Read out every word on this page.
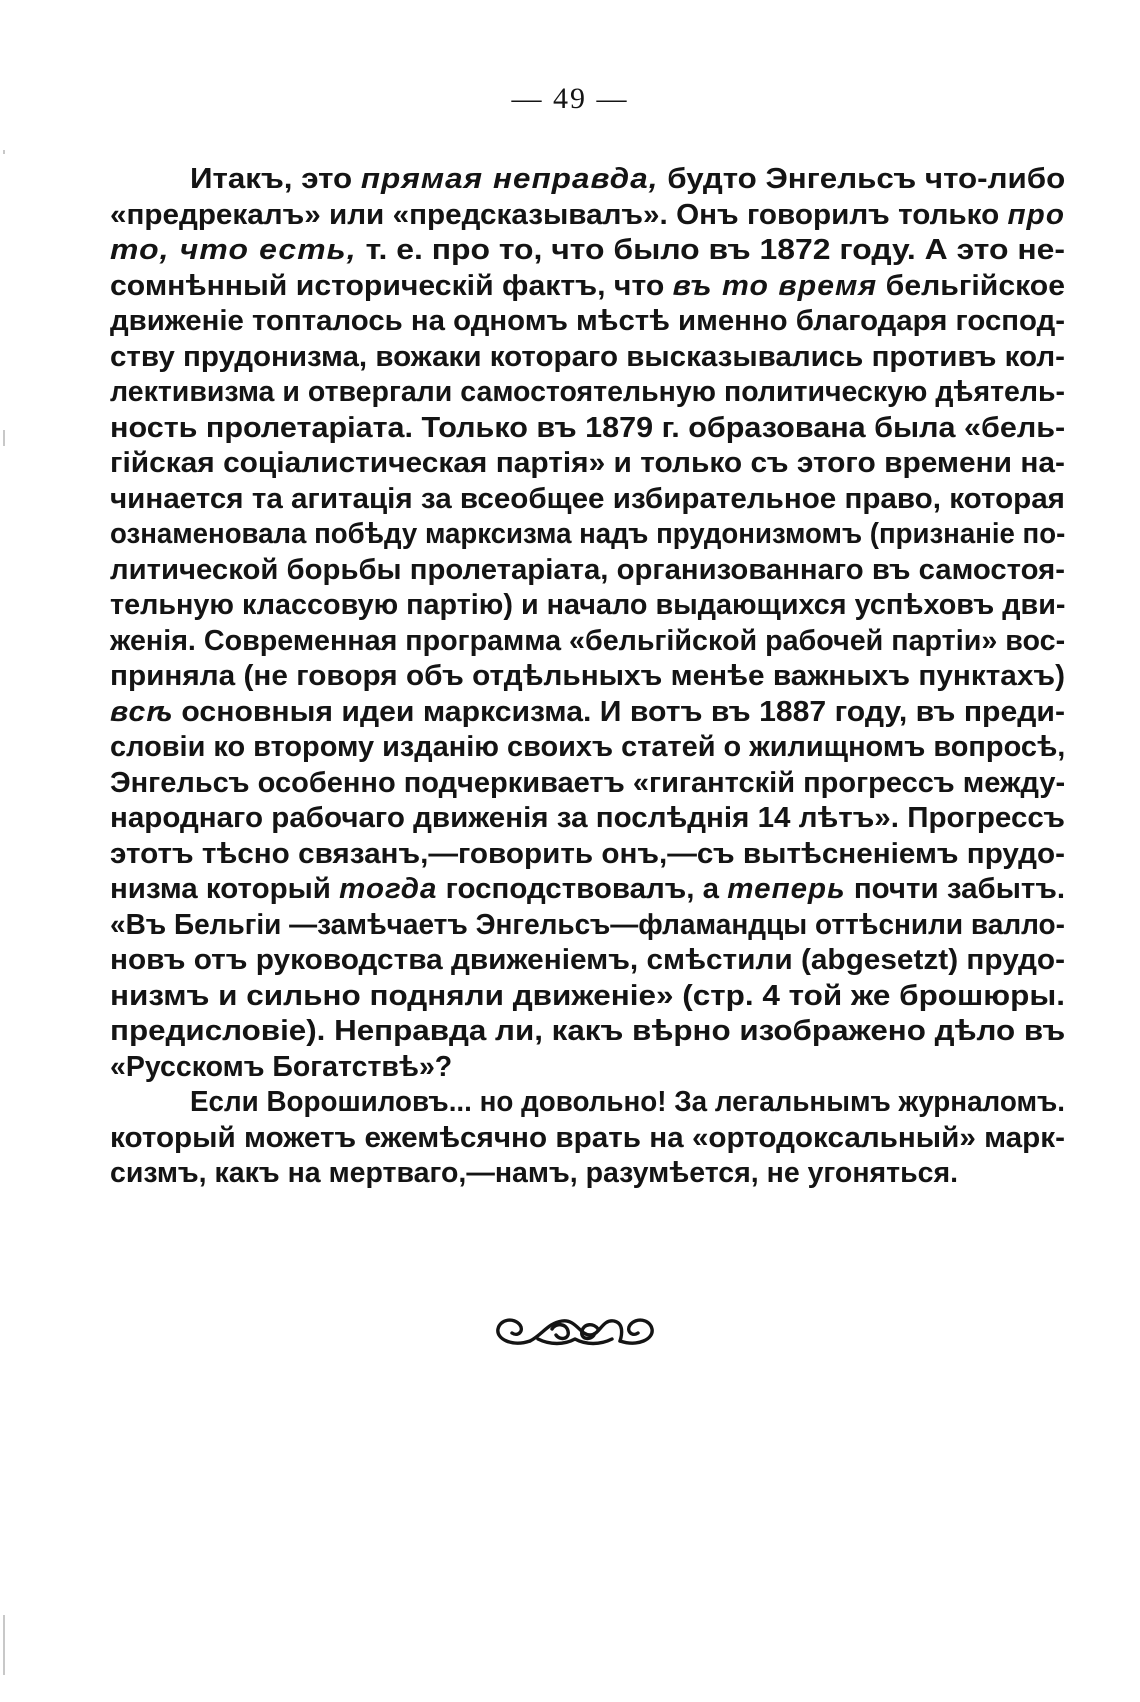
— 49 —
Итакъ, это прямая неправда, будто Энгельсъ что-либо
«предрекалъ» или «предсказывалъ». Онъ говорилъ только про
то, что есть, т. е. про то, что было въ 1872 году. А это не-
сомнѣнный историческій фактъ, что въ то время бельгійское
движеніе топталось на одномъ мѣстѣ именно благодаря господ-
ству прудонизма, вожаки котораго высказывались противъ кол-
лективизма и отвергали самостоятельную политическую дѣятель-
ность пролетаріата. Только въ 1879 г. образована была «бель-
гійская соціалистическая партія» и только съ этого времени на-
чинается та агитація за всеобщее избирательное право, которая
ознаменовала побѣду марксизма надъ прудонизмомъ (признаніе по-
литической борьбы пролетаріата, организованнаго въ самостоя-
тельную классовую партію) и начало выдающихся успѣховъ дви-
женія. Современная программа «бельгійской рабочей партіи» вос-
приняла (не говоря объ отдѣльныхъ менѣе важныхъ пунктахъ)
всѣ основныя идеи марксизма. И вотъ въ 1887 году, въ преди-
словіи ко второму изданію своихъ статей о жилищномъ вопросѣ,
Энгельсъ особенно подчеркиваетъ «гигантскій прогрессъ между-
народнаго рабочаго движенія за послѣднія 14 лѣтъ». Прогрессъ
этотъ тѣсно связанъ,—говорить онъ,—съ вытѣсненіемъ прудо-
низма который тогда господствовалъ, а теперь почти забытъ.
«Въ Бельгіи —замѣчаетъ Энгельсъ—фламандцы оттѣснили валло-
новъ отъ руководства движеніемъ, смѣстили (abgesetzt) прудо-
низмъ и сильно подняли движеніе» (стр. 4 той же брошюры.
предисловіе). Неправда ли, какъ вѣрно изображено дѣло въ
«Русскомъ Богатствѣ»?
Если Ворошиловъ... но довольно! За легальнымъ журналомъ.
который можетъ ежемѣсячно врать на «ортодоксальный» марк-
сизмъ, какъ на мертваго,—намъ, разумѣется, не угоняться.
